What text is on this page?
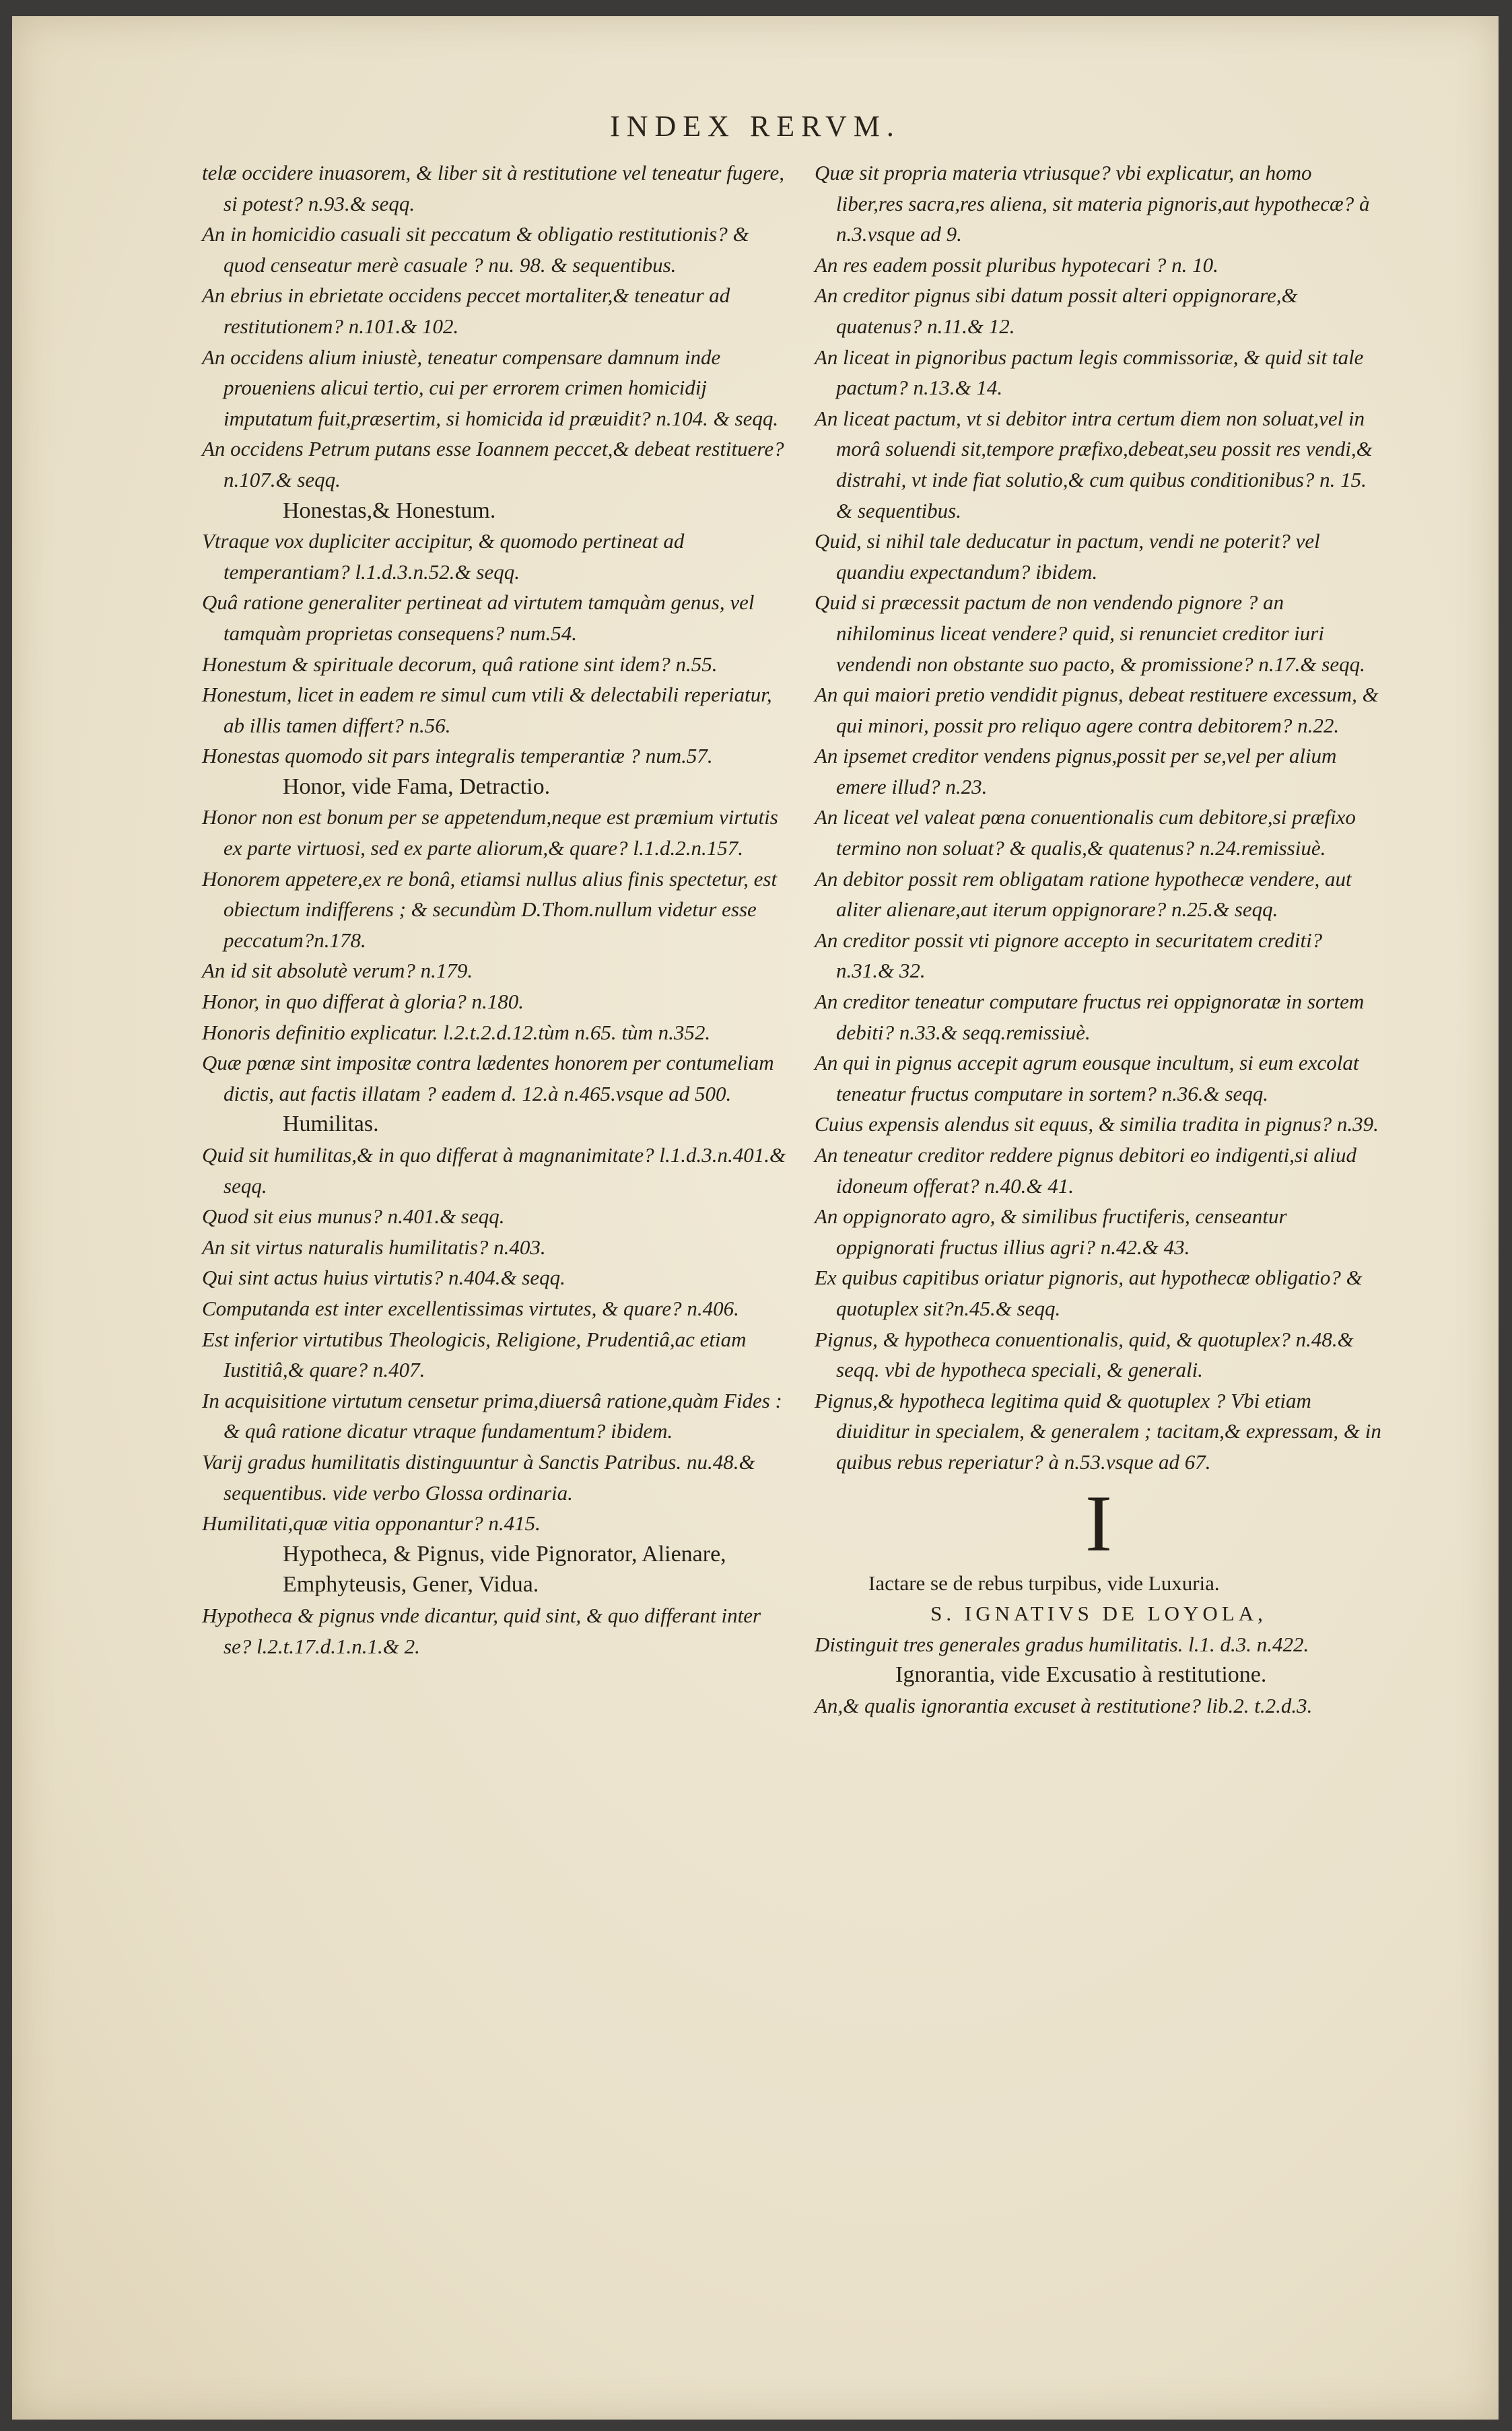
INDEX RERVM.

telæ occidere inuasorem, & liber sit à restitutione vel teneatur fugere, si potest? n.93.& seqq.

An in homicidio casuali sit peccatum & obligatio restitutionis? & quod censeatur merè casuale ? nu. 98. & sequentibus.

An ebrius in ebrietate occidens peccet mortaliter,& teneatur ad restitutionem? n.101.& 102.

An occidens alium iniustè, teneatur compensare damnum inde proueniens alicui tertio, cui per errorem crimen homicidij imputatum fuit,præsertim, si homicida id præuidit? n.104. & seqq.

An occidens Petrum putans esse Ioannem peccet,& debeat restituere? n.107.& seqq.

Honestas,& Honestum.

Vtraque vox dupliciter accipitur, & quomodo pertineat ad temperantiam? l.1.d.3.n.52.& seqq.

Quâ ratione generaliter pertineat ad virtutem tamquàm genus, vel tamquàm proprietas consequens? num.54.

Honestum & spirituale decorum, quâ ratione sint idem? n.55.

Honestum, licet in eadem re simul cum vtili & delectabili reperiatur, ab illis tamen differt? n.56.

Honestas quomodo sit pars integralis temperantiæ ? num.57.

Honor, vide Fama, Detractio.

Honor non est bonum per se appetendum,neque est præmium virtutis ex parte virtuosi, sed ex parte aliorum,& quare? l.1.d.2.n.157.

Honorem appetere,ex re bonâ, etiamsi nullus alius finis spectetur, est obiectum indifferens ; & secundùm D.Thom.nullum videtur esse peccatum?n.178.

An id sit absolutè verum? n.179.

Honor, in quo differat à gloria? n.180.

Honoris definitio explicatur. l.2.t.2.d.12.tùm n.65. tùm n.352.

Quæ pœnæ sint impositæ contra lædentes honorem per contumeliam dictis, aut factis illatam ? eadem d. 12.à n.465.vsque ad 500.

Humilitas.

Quid sit humilitas,& in quo differat à magnanimitate? l.1.d.3.n.401.& seqq.

Quod sit eius munus? n.401.& seqq.

An sit virtus naturalis humilitatis? n.403.

Qui sint actus huius virtutis? n.404.& seqq.

Computanda est inter excellentissimas virtutes, & quare? n.406.

Est inferior virtutibus Theologicis, Religione, Prudentiâ,ac etiam Iustitiâ,& quare? n.407.

In acquisitione virtutum censetur prima,diuersâ ratione,quàm Fides : & quâ ratione dicatur vtraque fundamentum? ibidem.

Varij gradus humilitatis distinguuntur à Sanctis Patribus. nu.48.& sequentibus. vide verbo Glossa ordinaria.

Humilitati,quæ vitia opponantur? n.415.

Hypotheca, & Pignus, vide Pignorator, Alienare, Emphyteusis, Gener, Vidua.

Hypotheca & pignus vnde dicantur, quid sint, & quo differant inter se? l.2.t.17.d.1.n.1.& 2.

Quæ sit propria materia vtriusque? vbi explicatur, an homo liber,res sacra,res aliena, sit materia pignoris,aut hypothecæ? à n.3.vsque ad 9.

An res eadem possit pluribus hypotecari ? n. 10.

An creditor pignus sibi datum possit alteri oppignorare,& quatenus? n.11.& 12.

An liceat in pignoribus pactum legis commissoriæ, & quid sit tale pactum? n.13.& 14.

An liceat pactum, vt si debitor intra certum diem non soluat,vel in morâ soluendi sit,tempore præfixo,debeat,seu possit res vendi,& distrahi, vt inde fiat solutio,& cum quibus conditionibus? n. 15. & sequentibus.

Quid, si nihil tale deducatur in pactum, vendi ne poterit? vel quandiu expectandum? ibidem.

Quid si præcessit pactum de non vendendo pignore ? an nihilominus liceat vendere? quid, si renunciet creditor iuri vendendi non obstante suo pacto, & promissione? n.17.& seqq.

An qui maiori pretio vendidit pignus, debeat restituere excessum, & qui minori, possit pro reliquo agere contra debitorem? n.22.

An ipsemet creditor vendens pignus,possit per se,vel per alium emere illud? n.23.

An liceat vel valeat pœna conuentionalis cum debitore,si præfixo termino non soluat? & qualis,& quatenus? n.24.remissiuè.

An debitor possit rem obligatam ratione hypothecæ vendere, aut aliter alienare,aut iterum oppignorare? n.25.& seqq.

An creditor possit vti pignore accepto in securitatem crediti? n.31.& 32.

An creditor teneatur computare fructus rei oppignoratæ in sortem debiti? n.33.& seqq.remissiuè.

An qui in pignus accepit agrum eousque incultum, si eum excolat teneatur fructus computare in sortem? n.36.& seqq.

Cuius expensis alendus sit equus, & similia tradita in pignus? n.39.

An teneatur creditor reddere pignus debitori eo indigenti,si aliud idoneum offerat? n.40.& 41.

An oppignorato agro, & similibus fructiferis, censeantur oppignorati fructus illius agri? n.42.& 43.

Ex quibus capitibus oriatur pignoris, aut hypothecæ obligatio? & quotuplex sit?n.45.& seqq.

Pignus, & hypotheca conuentionalis, quid, & quotuplex? n.48.& seqq. vbi de hypotheca speciali, & generali.

Pignus,& hypotheca legitima quid & quotuplex ? Vbi etiam diuiditur in specialem, & generalem ; tacitam,& expressam, & in quibus rebus reperiatur? à n.53.vsque ad 67.

I

Iactare se de rebus turpibus, vide Luxuria.

S. IGNATIVS DE LOYOLA,

Distinguit tres generales gradus humilitatis. l.1. d.3. n.422.

Ignorantia, vide Excusatio à restitutione.

An,& qualis ignorantia excuset à restitutione? lib.2. t.2.d.3.
